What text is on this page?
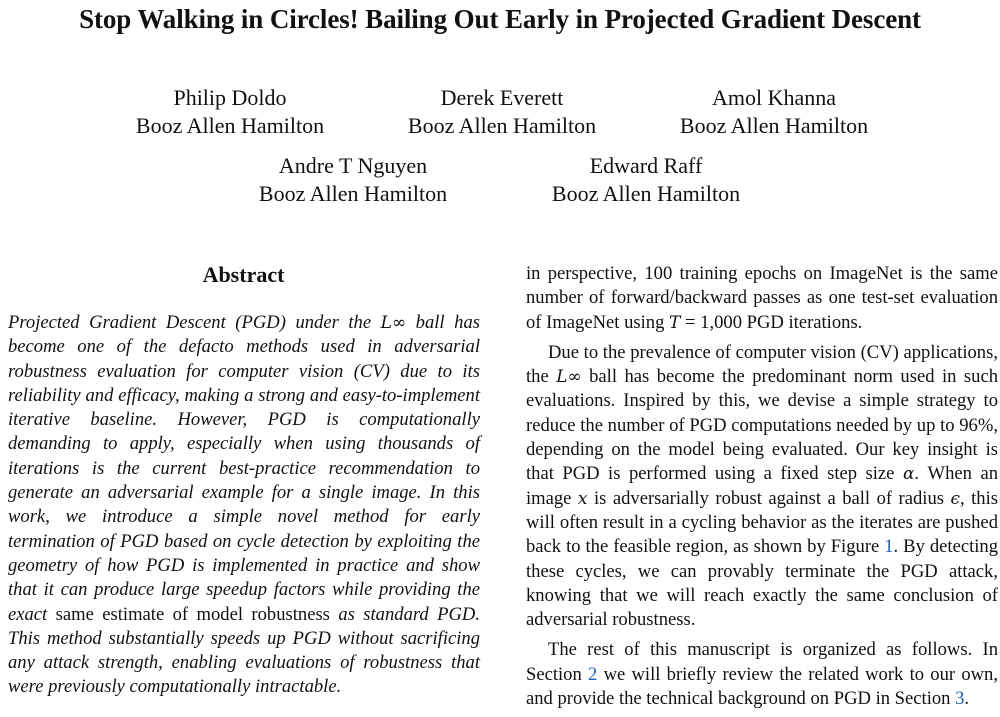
Stop Walking in Circles! Bailing Out Early in Projected Gradient Descent
Philip Doldo
Booz Allen Hamilton
Derek Everett
Booz Allen Hamilton
Amol Khanna
Booz Allen Hamilton
Andre T Nguyen
Booz Allen Hamilton
Edward Raff
Booz Allen Hamilton
Abstract
Projected Gradient Descent (PGD) under the L∞ ball has become one of the defacto methods used in adversarial robustness evaluation for computer vision (CV) due to its reliability and efficacy, making a strong and easy-to-implement iterative baseline. However, PGD is computationally demanding to apply, especially when using thousands of iterations is the current best-practice recommendation to generate an adversarial example for a single image. In this work, we introduce a simple novel method for early termination of PGD based on cycle detection by exploiting the geometry of how PGD is implemented in practice and show that it can produce large speedup factors while providing the exact same estimate of model robustness as standard PGD. This method substantially speeds up PGD without sacrificing any attack strength, enabling evaluations of robustness that were previously computationally intractable.

in perspective, 100 training epochs on ImageNet is the same number of forward/backward passes as one test-set evaluation of ImageNet using T = 1,000 PGD iterations.

Due to the prevalence of computer vision (CV) applications, the L∞ ball has become the predominant norm used in such evaluations. Inspired by this, we devise a simple strategy to reduce the number of PGD computations needed by up to 96%, depending on the model being evaluated. Our key insight is that PGD is performed using a fixed step size α. When an image x is adversarially robust against a ball of radius ϵ, this will often result in a cycling behavior as the iterates are pushed back to the feasible region, as shown by Figure 1. By detecting these cycles, we can provably terminate the PGD attack, knowing that we will reach exactly the same conclusion of adversarial robustness.

The rest of this manuscript is organized as follows. In Section 2 we will briefly review the related work to our own, and provide the technical background on PGD in Section 3.
